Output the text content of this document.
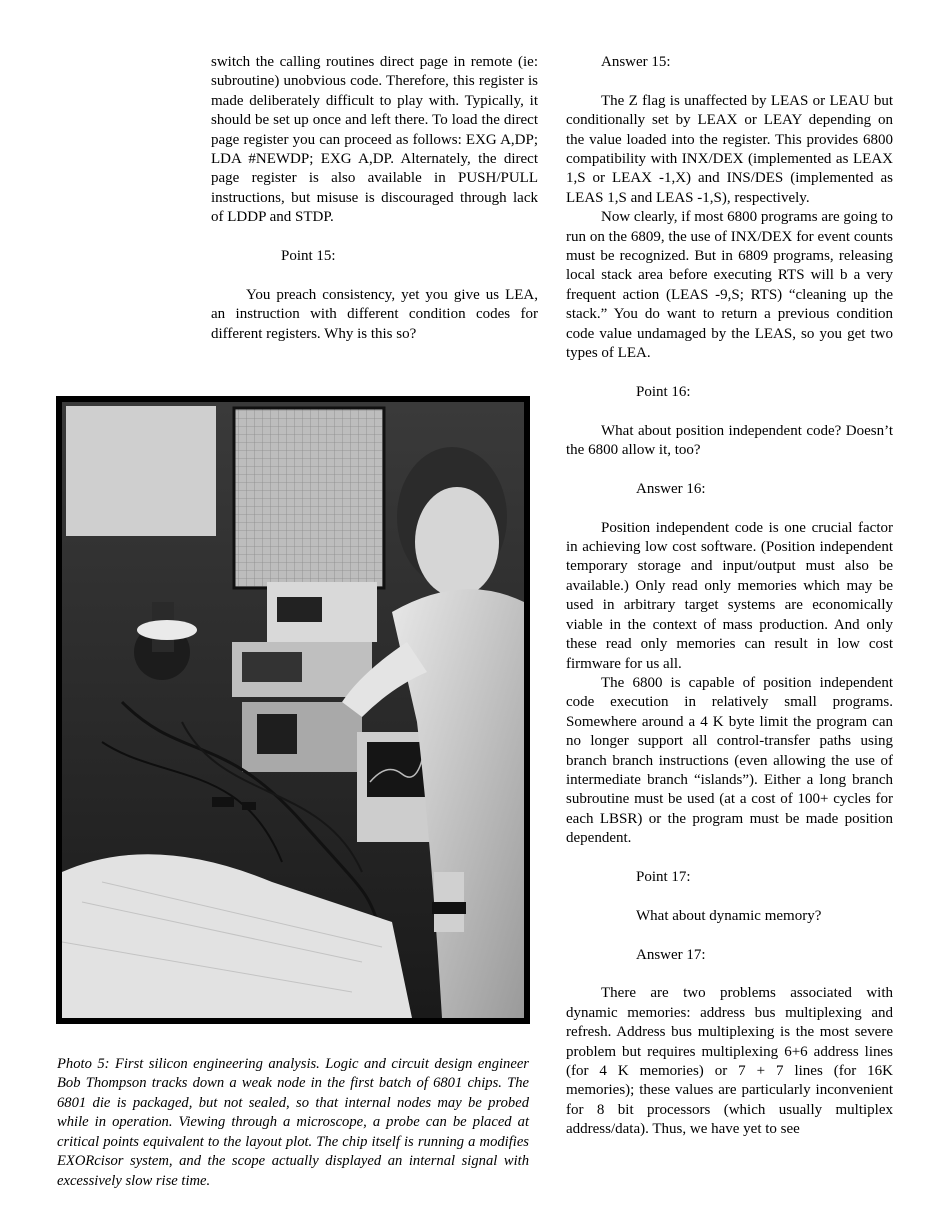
switch the calling routines direct page in remote (ie: subroutine) unobvious code. Therefore, this register is made deliberately difficult to play with. Typically, it should be set up once and left there. To load the direct page register you can proceed as follows: EXG A,DP; LDA #NEWDP; EXG A,DP. Alternately, the direct page register is also available in PUSH/PULL instructions, but misuse is discouraged through lack of LDDP and STDP.

Point 15:

You preach consistency, yet you give us LEA, an instruction with different condition codes for different registers. Why is this so?

Photo 5: First silicon engineering analysis. Logic and circuit design engineer Bob Thompson tracks down a weak node in the first batch of 6801 chips. The 6801 die is packaged, but not sealed, so that internal nodes may be probed while in operation. Viewing through a microscope, a probe can be placed at critical points equivalent to the layout plot. The chip itself is running a modifies EXORcisor system, and the scope actually displayed an internal signal with excessively slow rise time.

Answer 15:

The Z flag is unaffected by LEAS or LEAU but conditionally set by LEAX or LEAY depending on the value loaded into the register. This provides 6800 compatibility with INX/DEX (implemented as LEAX 1,S or LEAX -1,X) and INS/DES (implemented as LEAS 1,S and LEAS -1,S), respectively.

Now clearly, if most 6800 programs are going to run on the 6809, the use of INX/DEX for event counts must be recognized. But in 6809 programs, releasing local stack area before executing RTS will b a very frequent action (LEAS -9,S; RTS) “cleaning up the stack.” You do want to return a previous condition code value undamaged by the LEAS, so you get two types of LEA.

Point 16:

What about position independent code? Doesn’t the 6800 allow it, too?

Answer 16:

Position independent code is one crucial factor in achieving low cost software. (Position independent temporary storage and input/output must also be available.) Only read only memories which may be used in arbitrary target systems are economically viable in the context of mass production. And only these read only memories can result in low cost firmware for us all.

The 6800 is capable of position independent code execution in relatively small programs. Somewhere around a 4 K byte limit the program can no longer support all control-transfer paths using branch branch instructions (even allowing the use of intermediate branch “islands”). Either a long branch subroutine must be used (at a cost of 100+ cycles for each LBSR) or the program must be made position dependent.

Point 17:

What about dynamic memory?

Answer 17:

There are two problems associated with dynamic memories: address bus multiplexing and refresh. Address bus multiplexing is the most severe problem but requires multiplexing 6+6 address lines (for 4 K memories) or 7 + 7 lines (for 16K memories); these values are particularly inconvenient for 8 bit processors (which usually multiplex address/data). Thus, we have yet to see
